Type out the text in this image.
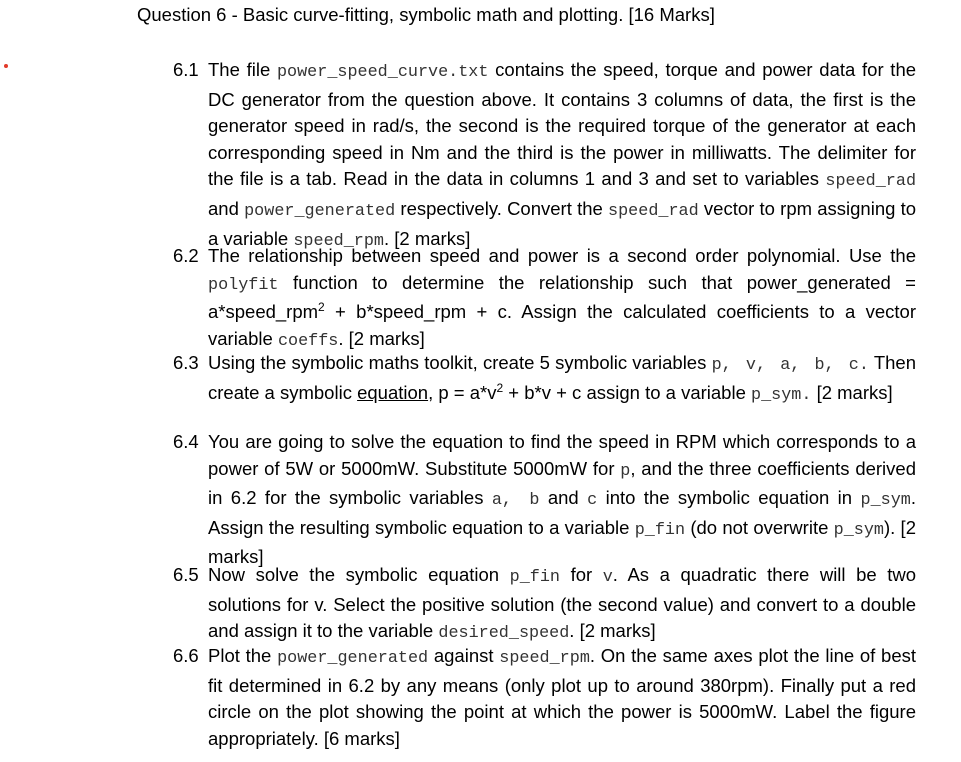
Question 6 - Basic curve-fitting, symbolic math and plotting. [16 Marks]
6.1 The file power_speed_curve.txt contains the speed, torque and power data for the DC generator from the question above. It contains 3 columns of data, the first is the generator speed in rad/s, the second is the required torque of the generator at each corresponding speed in Nm and the third is the power in milliwatts. The delimiter for the file is a tab. Read in the data in columns 1 and 3 and set to variables speed_rad and power_generated respectively. Convert the speed_rad vector to rpm assigning to a variable speed_rpm. [2 marks]
6.2 The relationship between speed and power is a second order polynomial. Use the polyfit function to determine the relationship such that power_generated = a*speed_rpm$^2$ + b*speed_rpm + c. Assign the calculated coefficients to a vector variable coeffs. [2 marks]
6.3 Using the symbolic maths toolkit, create 5 symbolic variables p, v, a, b, c. Then create a symbolic equation, $p = a*v^2 + b*v + c$ assign to a variable p_sym. [2 marks]
6.4 You are going to solve the equation to find the speed in RPM which corresponds to a power of 5W or 5000mW. Substitute 5000mW for p, and the three coefficients derived in 6.2 for the symbolic variables a, b and c into the symbolic equation in p_sym. Assign the resulting symbolic equation to a variable p_fin (do not overwrite p_sym). [2 marks]
6.5 Now solve the symbolic equation p_fin for v. As a quadratic there will be two solutions for v. Select the positive solution (the second value) and convert to a double and assign it to the variable desired_speed. [2 marks]
6.6 Plot the power_generated against speed_rpm. On the same axes plot the line of best fit determined in 6.2 by any means (only plot up to around 380rpm). Finally put a red circle on the plot showing the point at which the power is 5000mW. Label the figure appropriately. [6 marks]
